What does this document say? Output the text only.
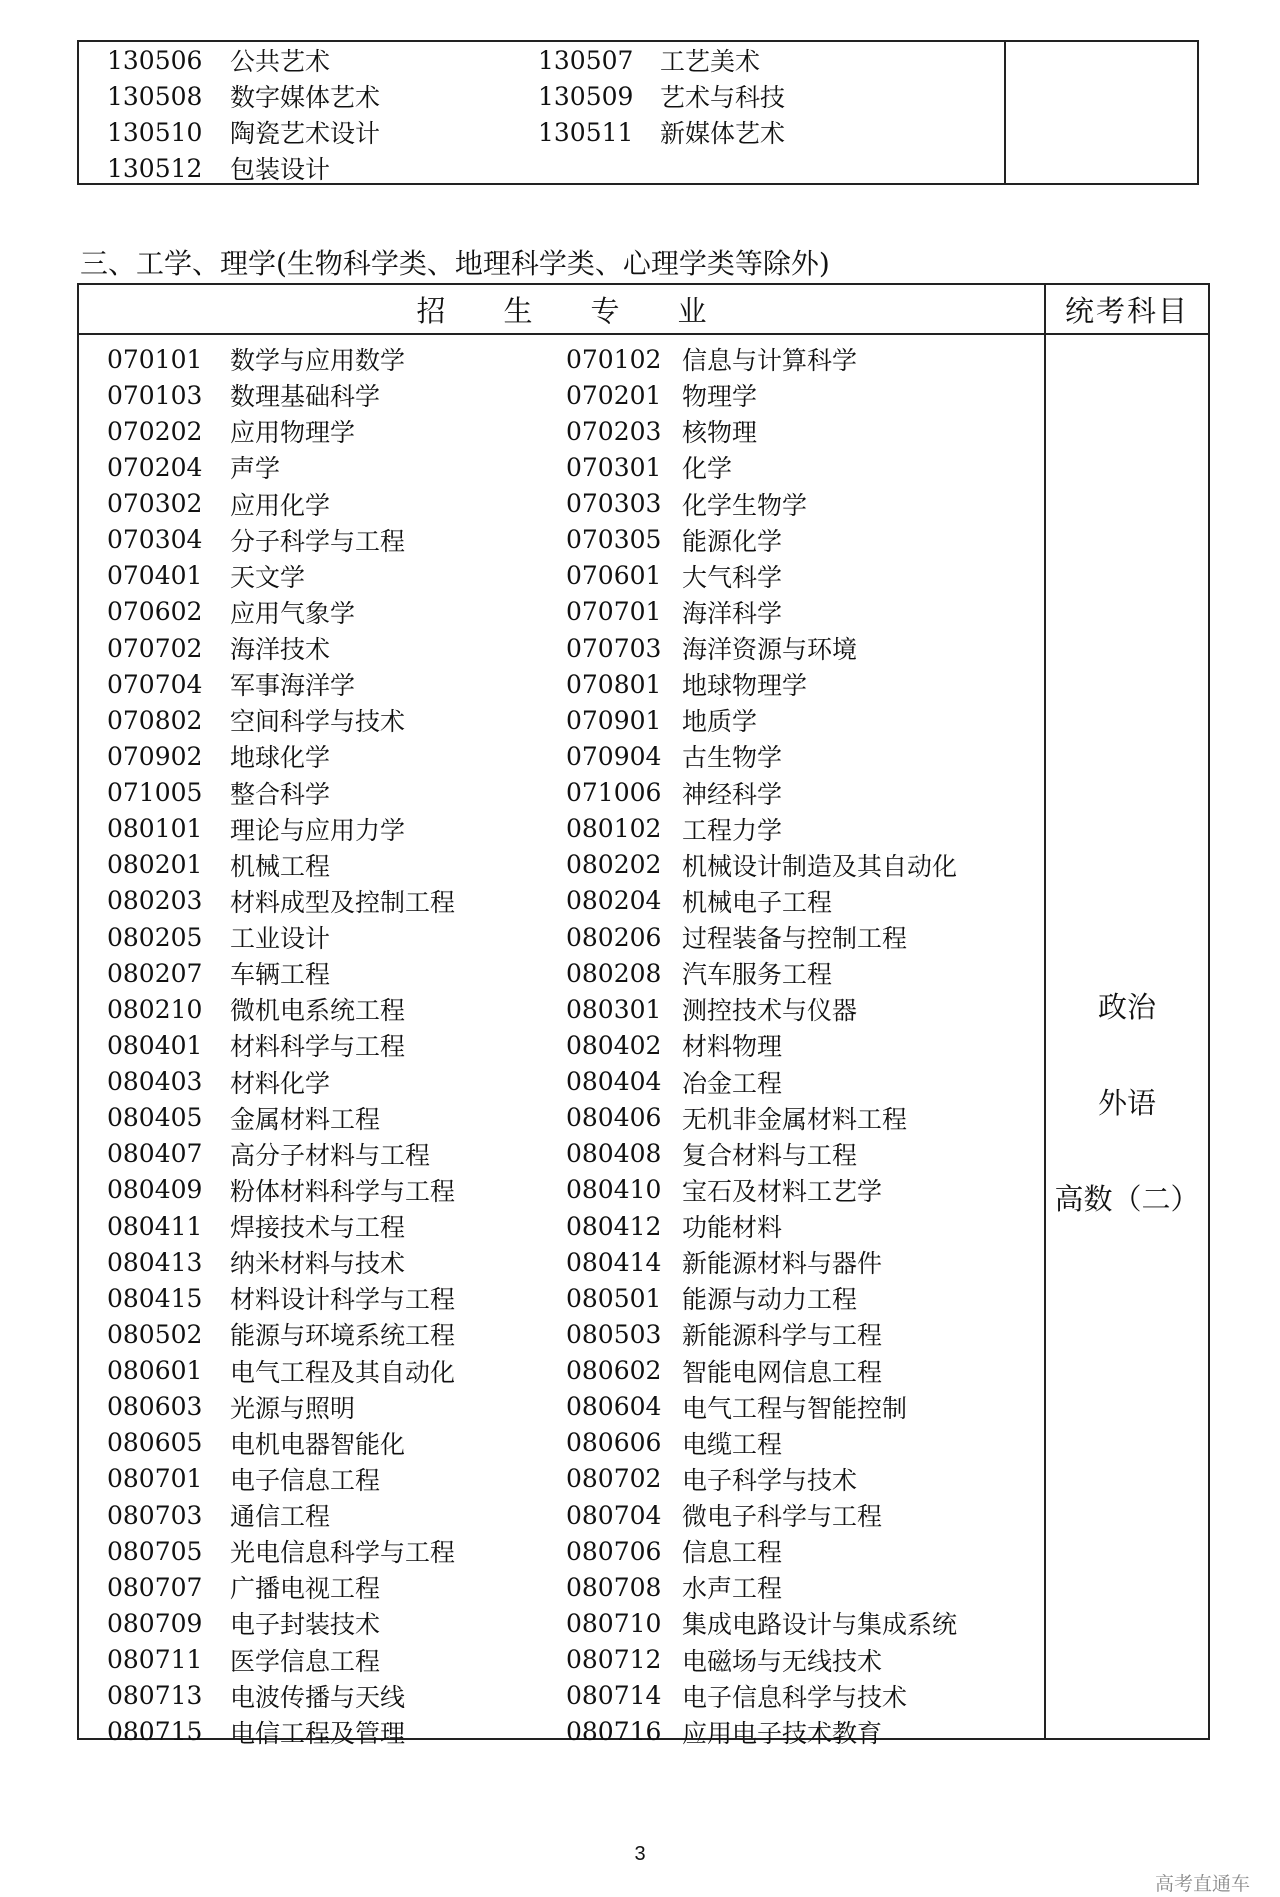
130506	公共艺术	130507	工艺美术
130508	数字媒体艺术	130509	艺术与科技
130510	陶瓷艺术设计	130511	新媒体艺术
130512	包装设计
三、工学、理学(生物科学类、地理科学类、心理学类等除外)
招生专业	统考科目
070101	数学与应用数学	070102 信息与计算科学
070103	数理基础科学	070201 物理学
070202	应用物理学	070203 核物理
070204	声学	070301 化学
070302	应用化学	070303 化学生物学
070304	分子科学与工程	070305 能源化学
070401	天文学	070601 大气科学
070602	应用气象学	070701 海洋科学
070702	海洋技术	070703 海洋资源与环境
070704	军事海洋学	070801 地球物理学
070802	空间科学与技术	070901 地质学
070902	地球化学	070904 古生物学
071005	整合科学	071006 神经科学
080101	理论与应用力学	080102 工程力学
080201	机械工程	080202 机械设计制造及其自动化
080203	材料成型及控制工程	080204 机械电子工程
080205	工业设计	080206 过程装备与控制工程
080207	车辆工程	080208 汽车服务工程
080210	微机电系统工程	080301 测控技术与仪器
080401	材料科学与工程	080402 材料物理
080403	材料化学	080404 冶金工程
080405	金属材料工程	080406 无机非金属材料工程
080407	高分子材料与工程	080408 复合材料与工程
080409	粉体材料科学与工程	080410 宝石及材料工艺学
080411	焊接技术与工程	080412 功能材料
080413	纳米材料与技术	080414 新能源材料与器件
080415	材料设计科学与工程	080501 能源与动力工程
080502	能源与环境系统工程	080503 新能源科学与工程
080601	电气工程及其自动化	080602 智能电网信息工程
080603	光源与照明	080604 电气工程与智能控制
080605	电机电器智能化	080606 电缆工程
080701	电子信息工程	080702 电子科学与技术
080703	通信工程	080704 微电子科学与工程
080705	光电信息科学与工程	080706 信息工程
080707	广播电视工程	080708 水声工程
080709	电子封装技术	080710 集成电路设计与集成系统
080711	医学信息工程	080712 电磁场与无线技术
080713	电波传播与天线	080714 电子信息科学与技术
080715	电信工程及管理	080716 应用电子技术教育
政治
外语
高数（二）
3
高考直通车
